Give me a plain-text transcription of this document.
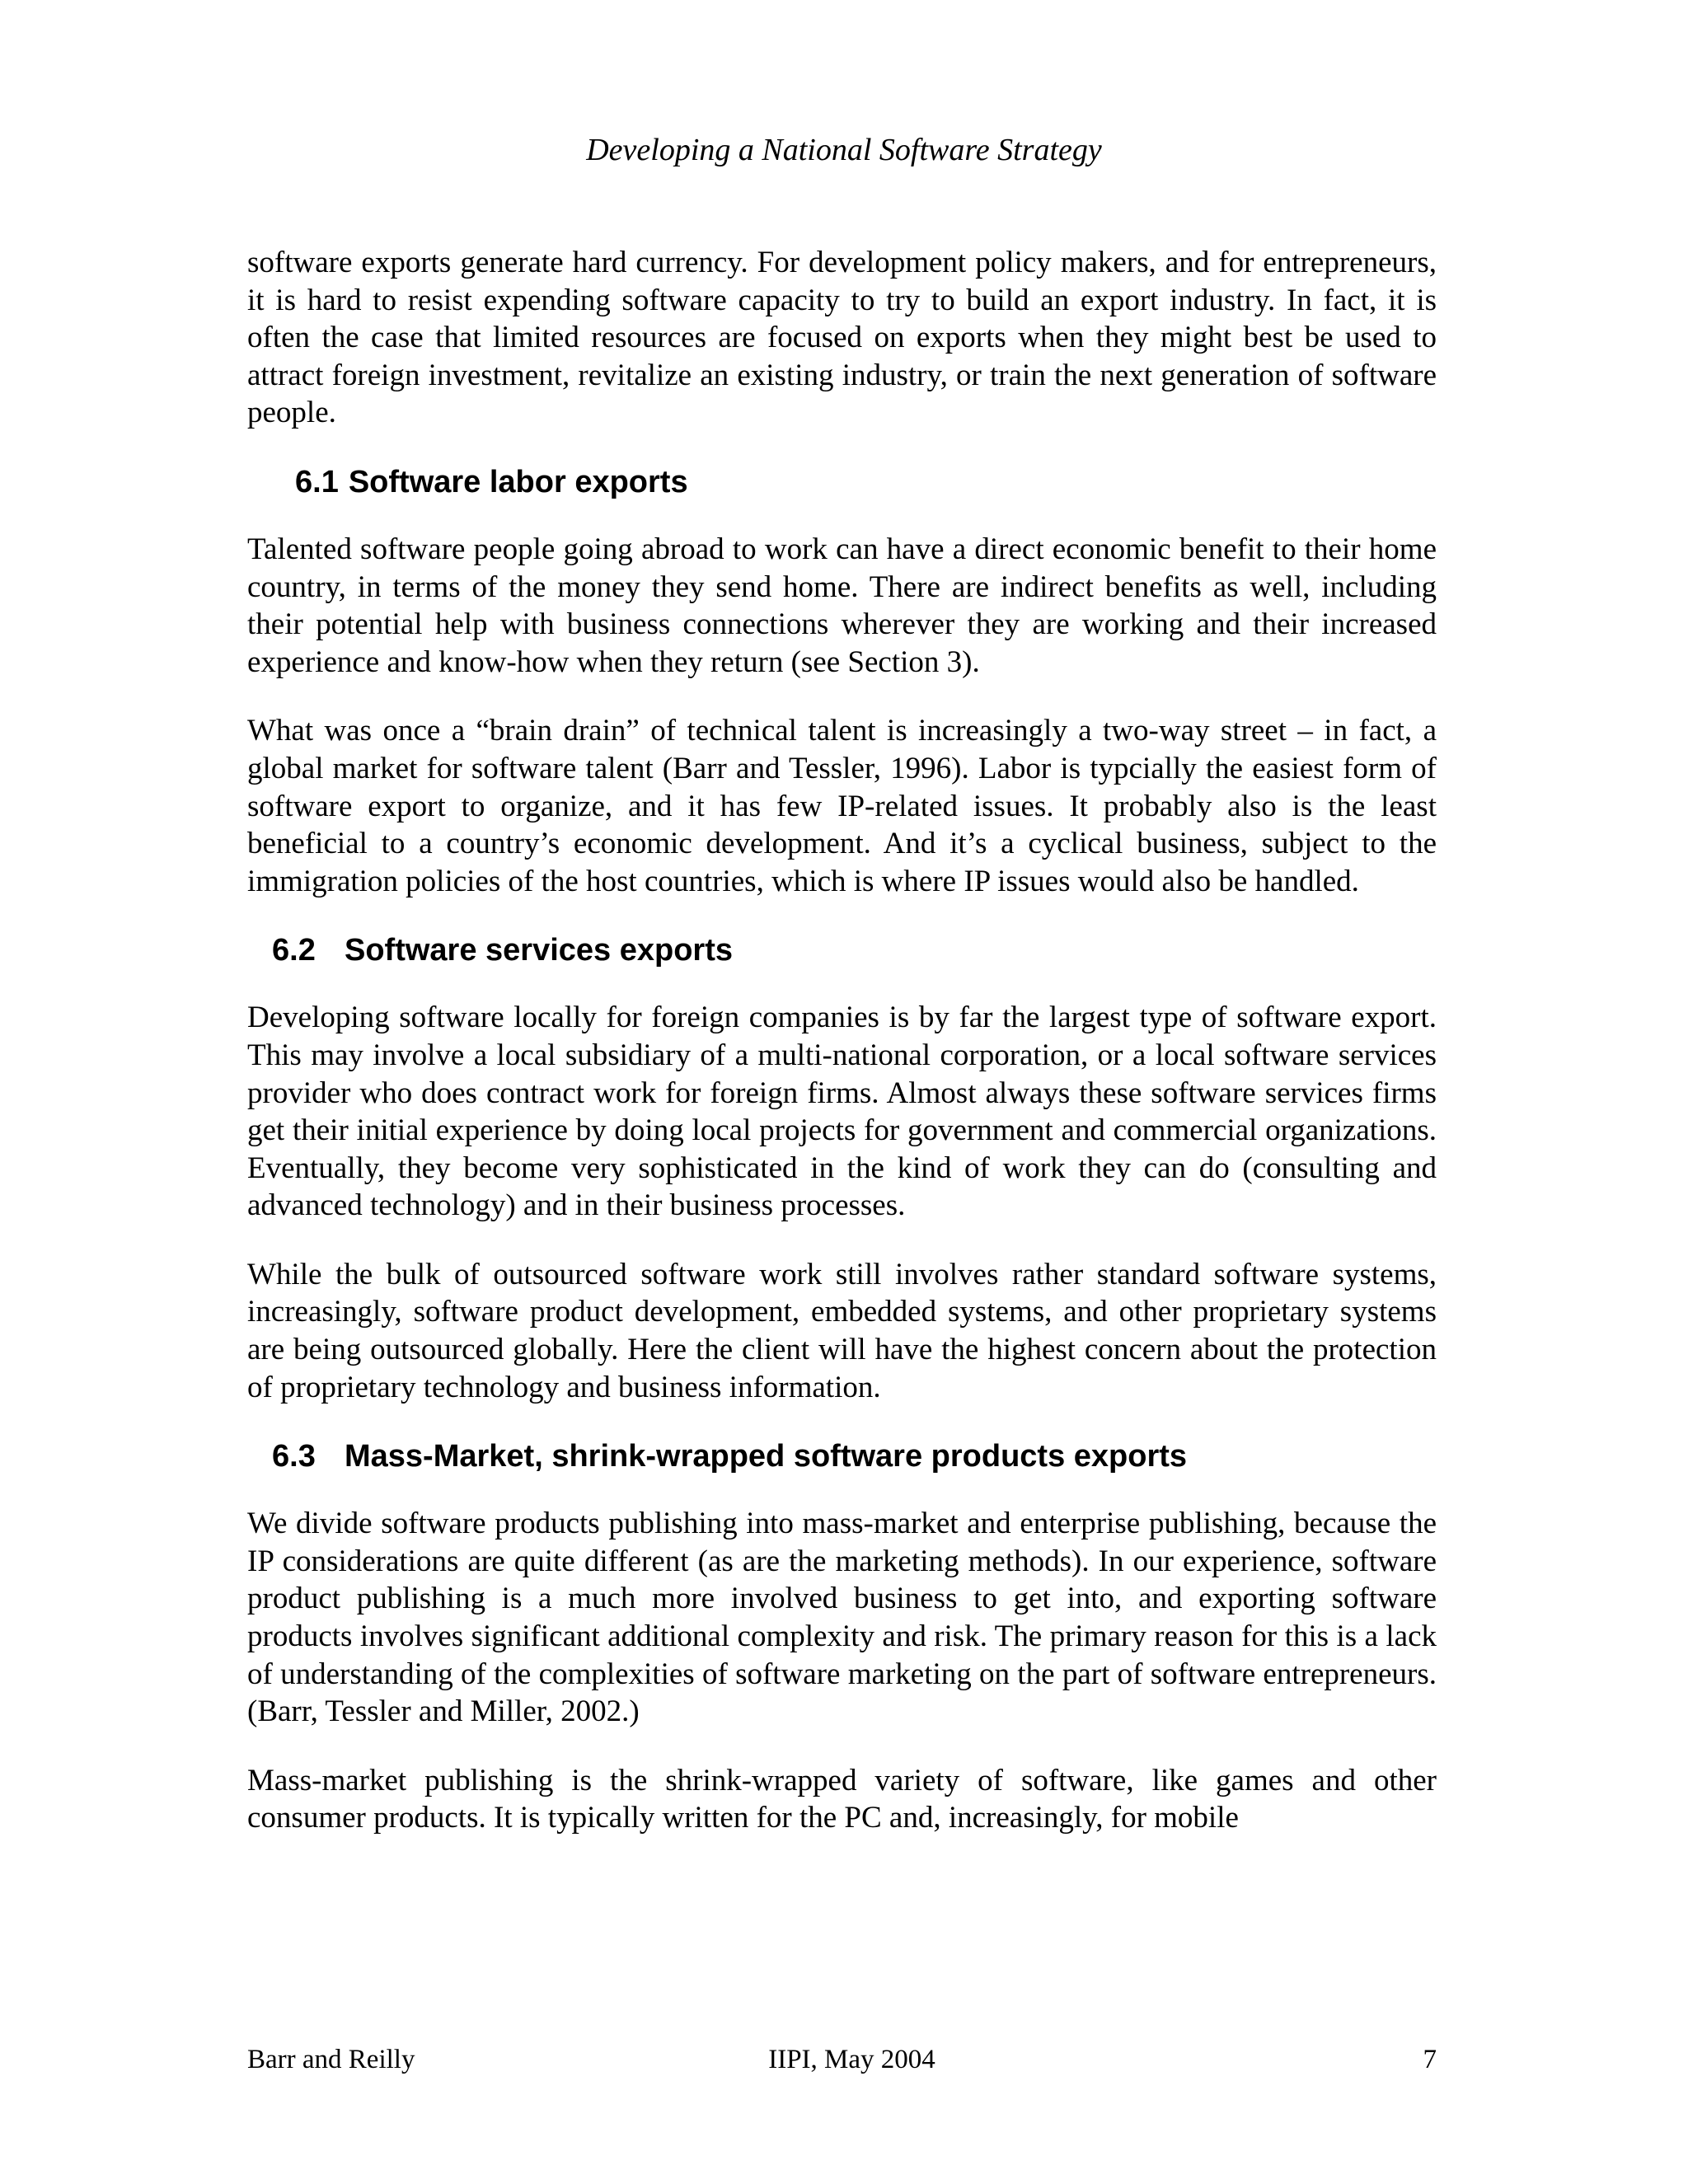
Developing a National Software Strategy

software exports generate hard currency. For development policy makers, and for entrepreneurs, it is hard to resist expending software capacity to try to build an export industry. In fact, it is often the case that limited resources are focused on exports when they might best be used to attract foreign investment, revitalize an existing industry, or train the next generation of software people.

6.1 Software labor exports

Talented software people going abroad to work can have a direct economic benefit to their home country, in terms of the money they send home. There are indirect benefits as well, including their potential help with business connections wherever they are working and their increased experience and know-how when they return (see Section 3).

What was once a “brain drain” of technical talent is increasingly a two-way street – in fact, a global market for software talent (Barr and Tessler, 1996). Labor is typcially the easiest form of software export to organize, and it has few IP-related issues. It probably also is the least beneficial to a country’s economic development. And it’s a cyclical business, subject to the immigration policies of the host countries, which is where IP issues would also be handled.

6.2 Software services exports

Developing software locally for foreign companies is by far the largest type of software export. This may involve a local subsidiary of a multi-national corporation, or a local software services provider who does contract work for foreign firms. Almost always these software services firms get their initial experience by doing local projects for government and commercial organizations. Eventually, they become very sophisticated in the kind of work they can do (consulting and advanced technology) and in their business processes.

While the bulk of outsourced software work still involves rather standard software systems, increasingly, software product development, embedded systems, and other proprietary systems are being outsourced globally. Here the client will have the highest concern about the protection of proprietary technology and business information.

6.3 Mass-Market, shrink-wrapped software products exports

We divide software products publishing into mass-market and enterprise publishing, because the IP considerations are quite different (as are the marketing methods). In our experience, software product publishing is a much more involved business to get into, and exporting software products involves significant additional complexity and risk. The primary reason for this is a lack of understanding of the complexities of software marketing on the part of software entrepreneurs. (Barr, Tessler and Miller, 2002.)

Mass-market publishing is the shrink-wrapped variety of software, like games and other consumer products. It is typically written for the PC and, increasingly, for mobile

Barr and Reilly	IIPI, May 2004	7
